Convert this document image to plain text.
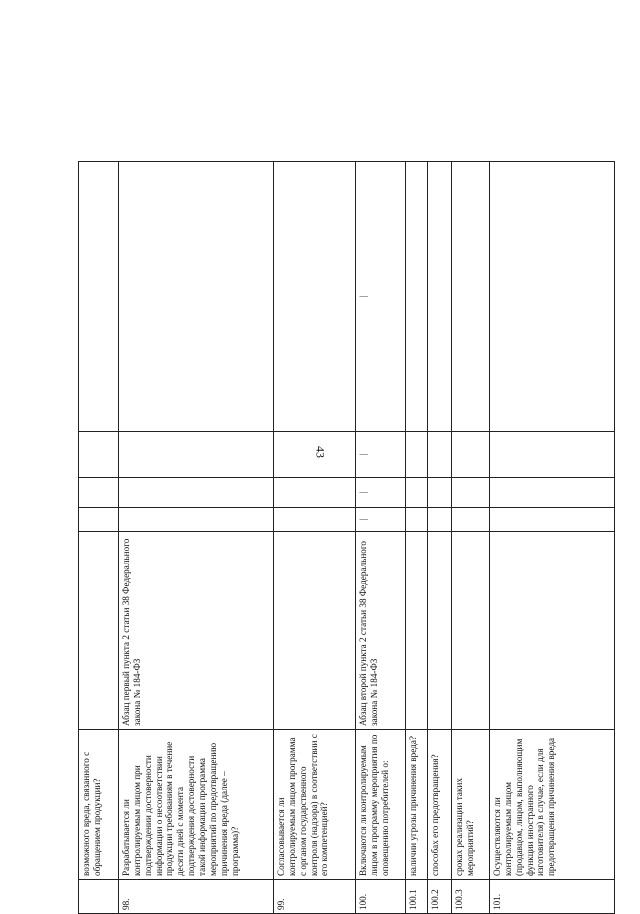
43
	возможного вреда, связанного с обращением продукции?		

98.	Разрабатывается ли контролируемым лицом при подтверждении достоверности информации о несоответствии продукции требованиям в течение десяти дней с момента подтверждения достоверности такой информации программа мероприятий по предотвращению причинения вреда (далее – программа)?	Абзац первый пункта 2 статьи 38 Федерального закона № 184-ФЗ	

99.	Согласовывается ли контролируемым лицом программа с органом государственного контроля (надзора) в соответствии с его компетенцией?		

100.	Включаются ли контролируемым лицом в программу мероприятия по оповещению потребителей о:	Абзац второй пункта 2 статьи 38 Федерального закона № 184-ФЗ	|	|	|	|

100.1	наличии угрозы причинения вреда?		

100.2	способах его предотвращения?		

100.3	сроках реализации таких мероприятий?		

101.	Осуществляются ли контролируемым лицом (продавцом, лицом, выполняющим функции иностранного изготовителя) в случае, если для предотвращения причинения вреда		
